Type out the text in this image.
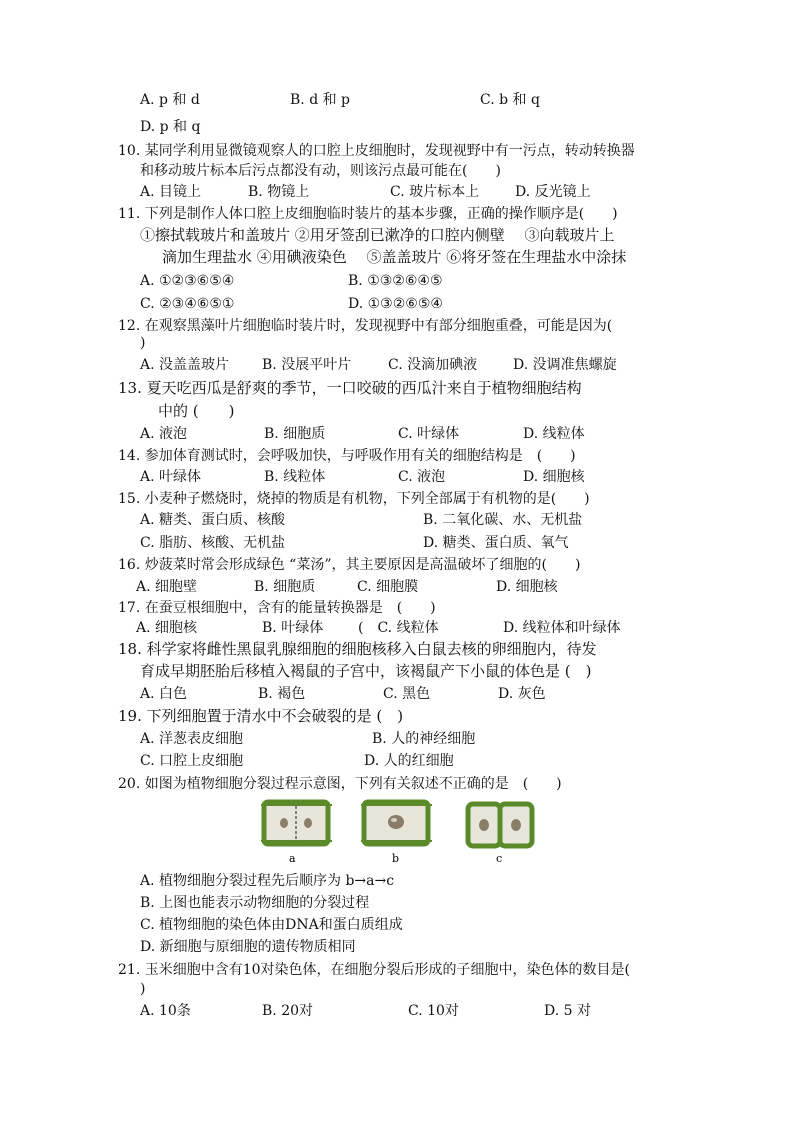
A. p 和 d	B. d 和 p	C. b 和 q
D. p 和 q
10. 某同学利用显微镜观察人的口腔上皮细胞时，发现视野中有一污点，转动转换器
和移动玻片标本后污点都没有动，则该污点最可能在(　　)
A. 目镜上	B. 物镜上	C. 玻片标本上	D. 反光镜上
11. 下列是制作人体口腔上皮细胞临时装片的基本步骤，正确的操作顺序是(　　)
①擦拭载玻片和盖玻片 ②用牙签刮已漱净的口腔内侧壁 　③向载玻片上
滴加生理盐水 ④用碘液染色 　⑤盖盖玻片 ⑥将牙签在生理盐水中涂抹
A. ①②③⑥⑤④	B. ①③②⑥④⑤
C. ②③④⑥⑤①	D. ①③②⑥⑤④
12. 在观察黑藻叶片细胞临时装片时，发现视野中有部分细胞重叠，可能是因为(
)
A. 没盖盖玻片 B. 没展平叶片	C. 没滴加碘液	D. 没调准焦螺旋
13. 夏天吃西瓜是舒爽的季节，一口咬破的西瓜汁来自于植物细胞结构
中的 (　　)
A. 液泡	B. 细胞质	C. 叶绿体	D. 线粒体
14. 参加体育测试时，会呼吸加快，与呼吸作用有关的细胞结构是　(　　)
A. 叶绿体	B. 线粒体	C. 液泡	D. 细胞核
15. 小麦种子燃烧时，烧掉的物质是有机物，下列全部属于有机物的是(　　)
A. 糖类、蛋白质、核酸	B. 二氧化碳、水、无机盐
C. 脂肪、核酸、无机盐	D. 糖类、蛋白质、氧气
16. 炒菠菜时常会形成绿色 “菜汤”，其主要原因是高温破坏了细胞的(　　)
A. 细胞壁	B. 细胞质	C. 细胞膜	D. 细胞核
17. 在蚕豆根细胞中，含有的能量转换器是　(　　)
A. 细胞核	B. 叶绿体 (　C. 线粒体	D. 线粒体和叶绿体
18. 科学家将雌性黑鼠乳腺细胞的细胞核移入白鼠去核的卵细胞内，待发
育成早期胚胎后移植入褐鼠的子宫中，该褐鼠产下小鼠的体色是 (　)
A. 白色	B. 褐色	C. 黑色	D. 灰色
19. 下列细胞置于清水中不会破裂的是 (　)
A. 洋葱表皮细胞	B. 人的神经细胞
C. 口腔上皮细胞	D. 人的红细胞
20. 如图为植物细胞分裂过程示意图，下列有关叙述不正确的是　(　　)
a	b	c
A. 植物细胞分裂过程先后顺序为 b→a→c
B. 上图也能表示动物细胞的分裂过程
C. 植物细胞的染色体由DNA和蛋白质组成
D. 新细胞与原细胞的遗传物质相同
21. 玉米细胞中含有10对染色体，在细胞分裂后形成的子细胞中，染色体的数目是(
)
A. 10条	B. 20对	C. 10对	D. 5 对
